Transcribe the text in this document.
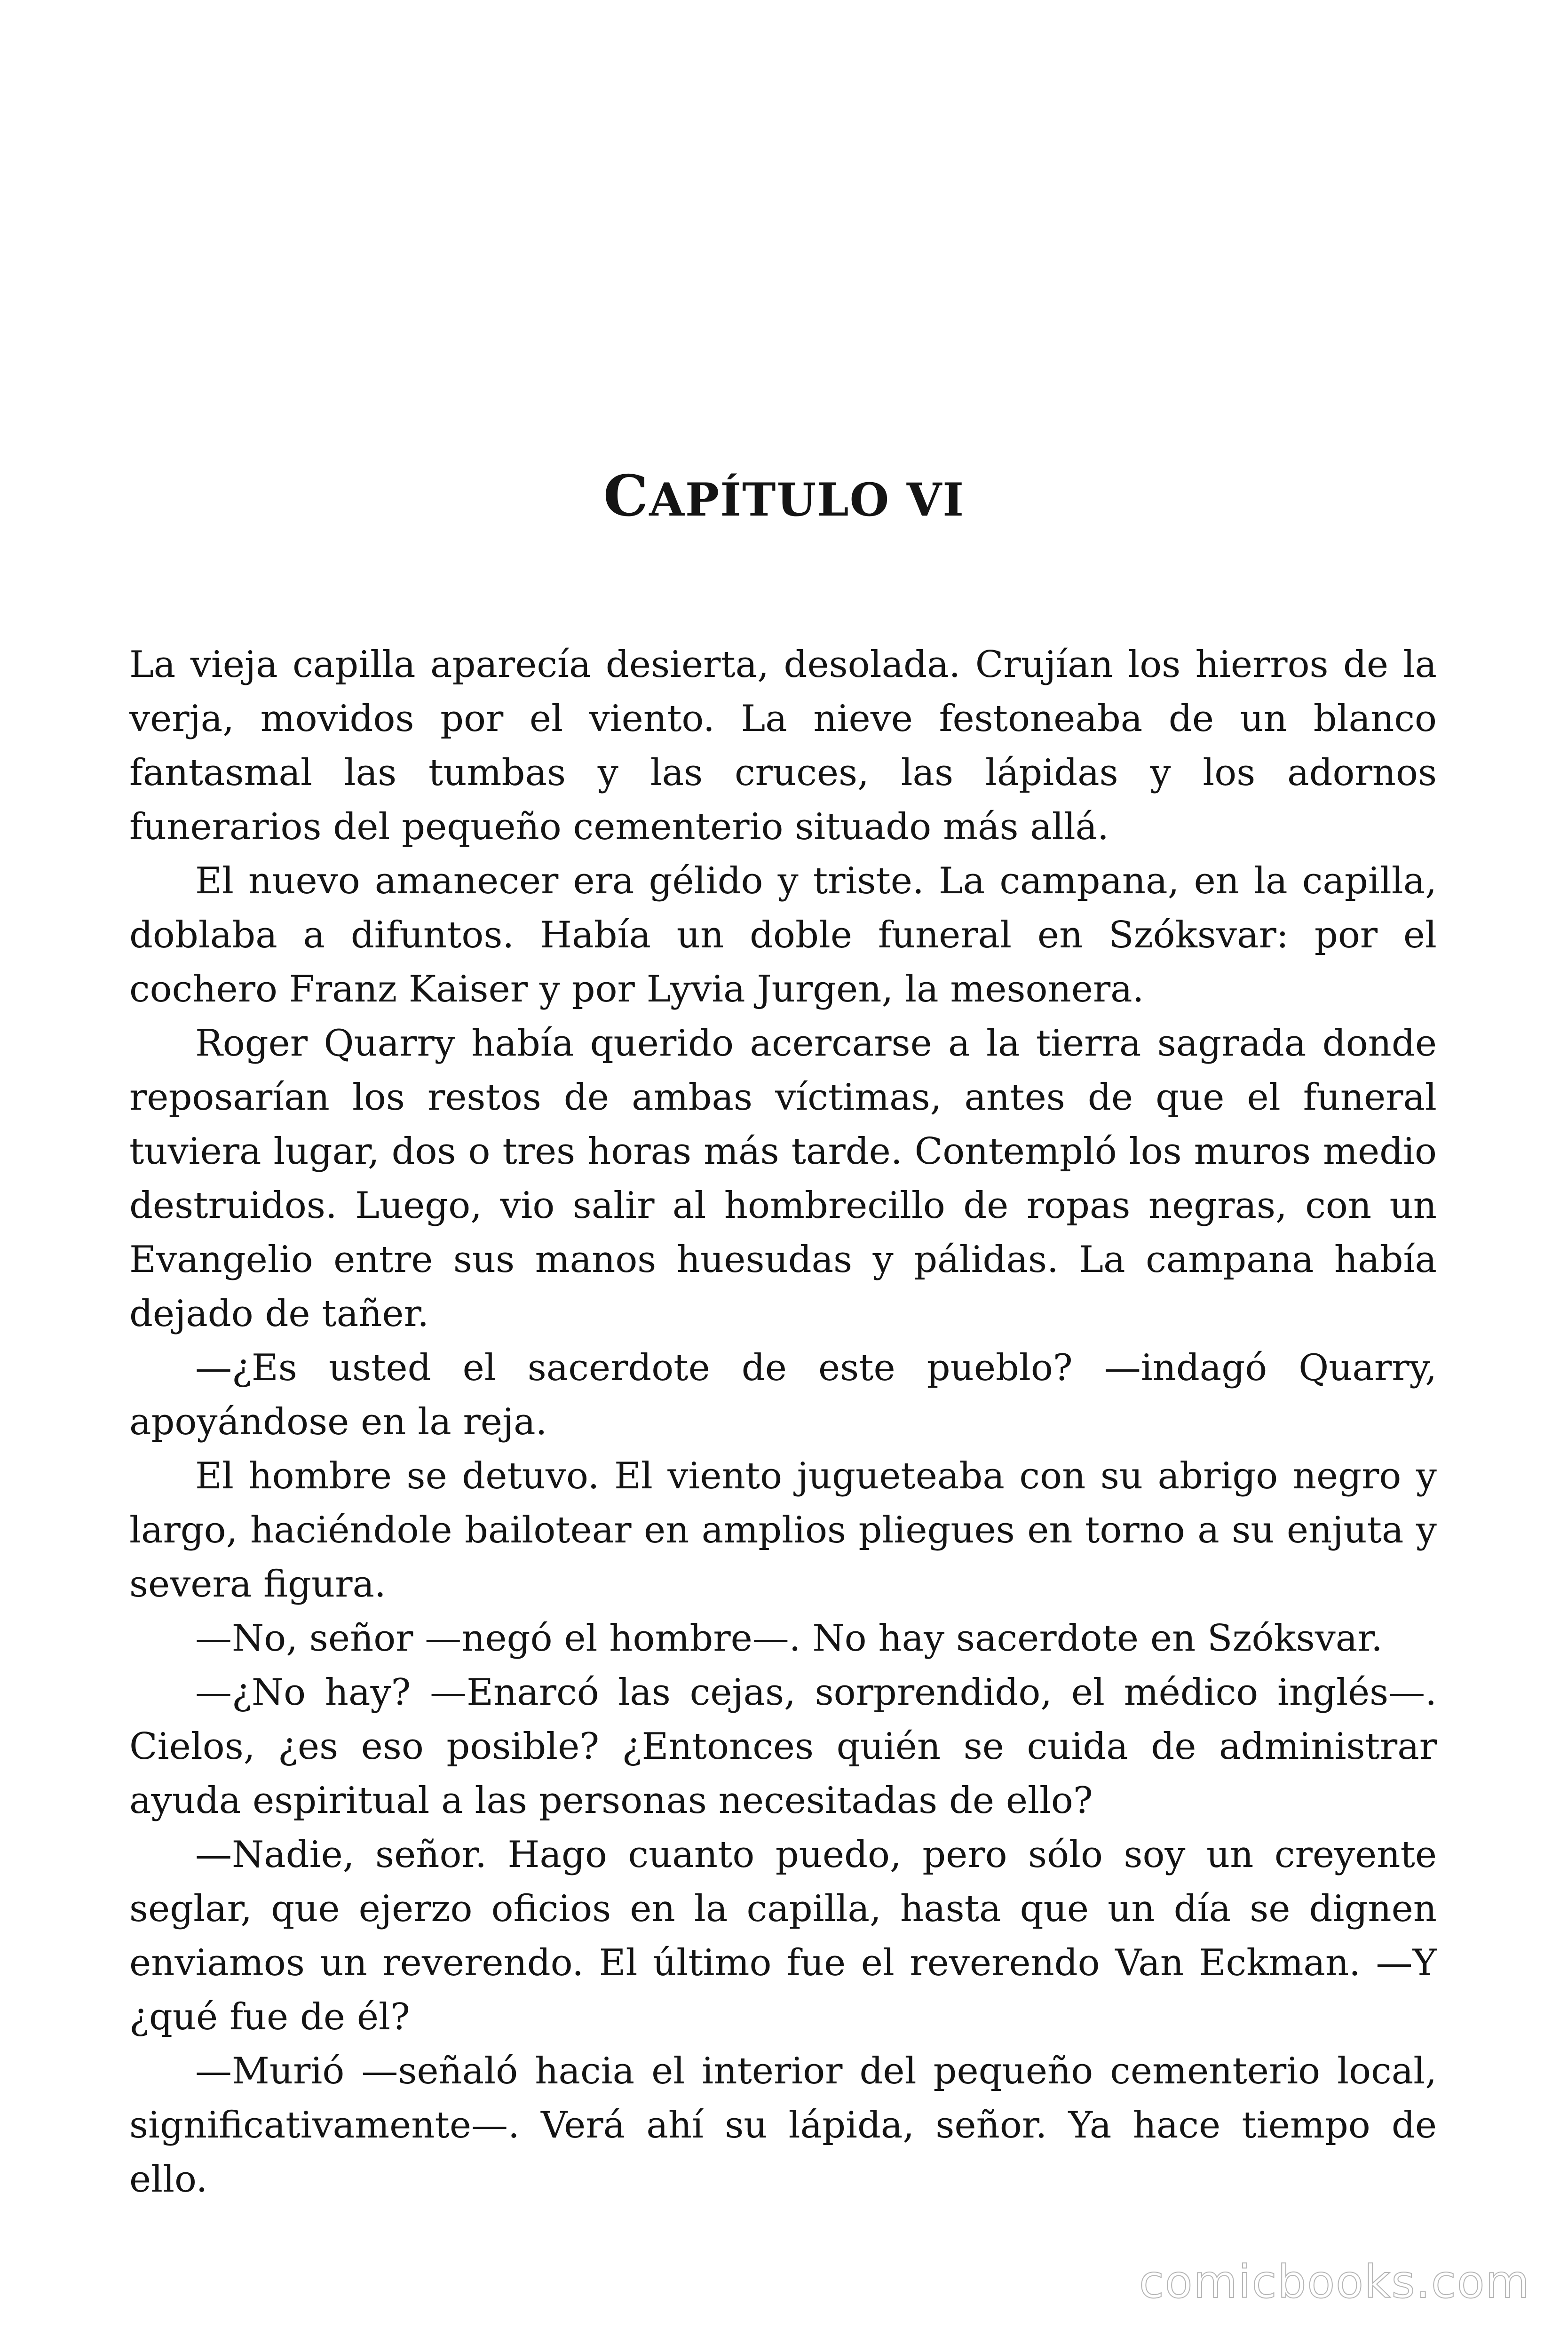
CAPÍTULO VI

La vieja capilla aparecía desierta, desolada. Crujían los hierros de la verja, movidos por el viento. La nieve festoneaba de un blanco fantasmal las tumbas y las cruces, las lápidas y los adornos funerarios del pequeño cementerio situado más allá.

El nuevo amanecer era gélido y triste. La campana, en la capilla, doblaba a difuntos. Había un doble funeral en Szóksvar: por el cochero Franz Kaiser y por Lyvia Jurgen, la mesonera.

Roger Quarry había querido acercarse a la tierra sagrada donde reposarían los restos de ambas víctimas, antes de que el funeral tuviera lugar, dos o tres horas más tarde. Contempló los muros medio destruidos. Luego, vio salir al hombrecillo de ropas negras, con un Evangelio entre sus manos huesudas y pálidas. La campana había dejado de tañer.

—¿Es usted el sacerdote de este pueblo? —indagó Quarry, apoyándose en la reja.

El hombre se detuvo. El viento jugueteaba con su abrigo negro y largo, haciéndole bailotear en amplios pliegues en torno a su enjuta y severa figura.

—No, señor —negó el hombre—. No hay sacerdote en Szóksvar.

—¿No hay? —Enarcó las cejas, sorprendido, el médico inglés—. Cielos, ¿es eso posible? ¿Entonces quién se cuida de administrar ayuda espiritual a las personas necesitadas de ello?

—Nadie, señor. Hago cuanto puedo, pero sólo soy un creyente seglar, que ejerzo oficios en la capilla, hasta que un día se dignen enviamos un reverendo. El último fue el reverendo Van Eckman. —Y ¿qué fue de él?

—Murió —señaló hacia el interior del pequeño cementerio local, significativamente—. Verá ahí su lápida, señor. Ya hace tiempo de ello.

comicbooks.com
